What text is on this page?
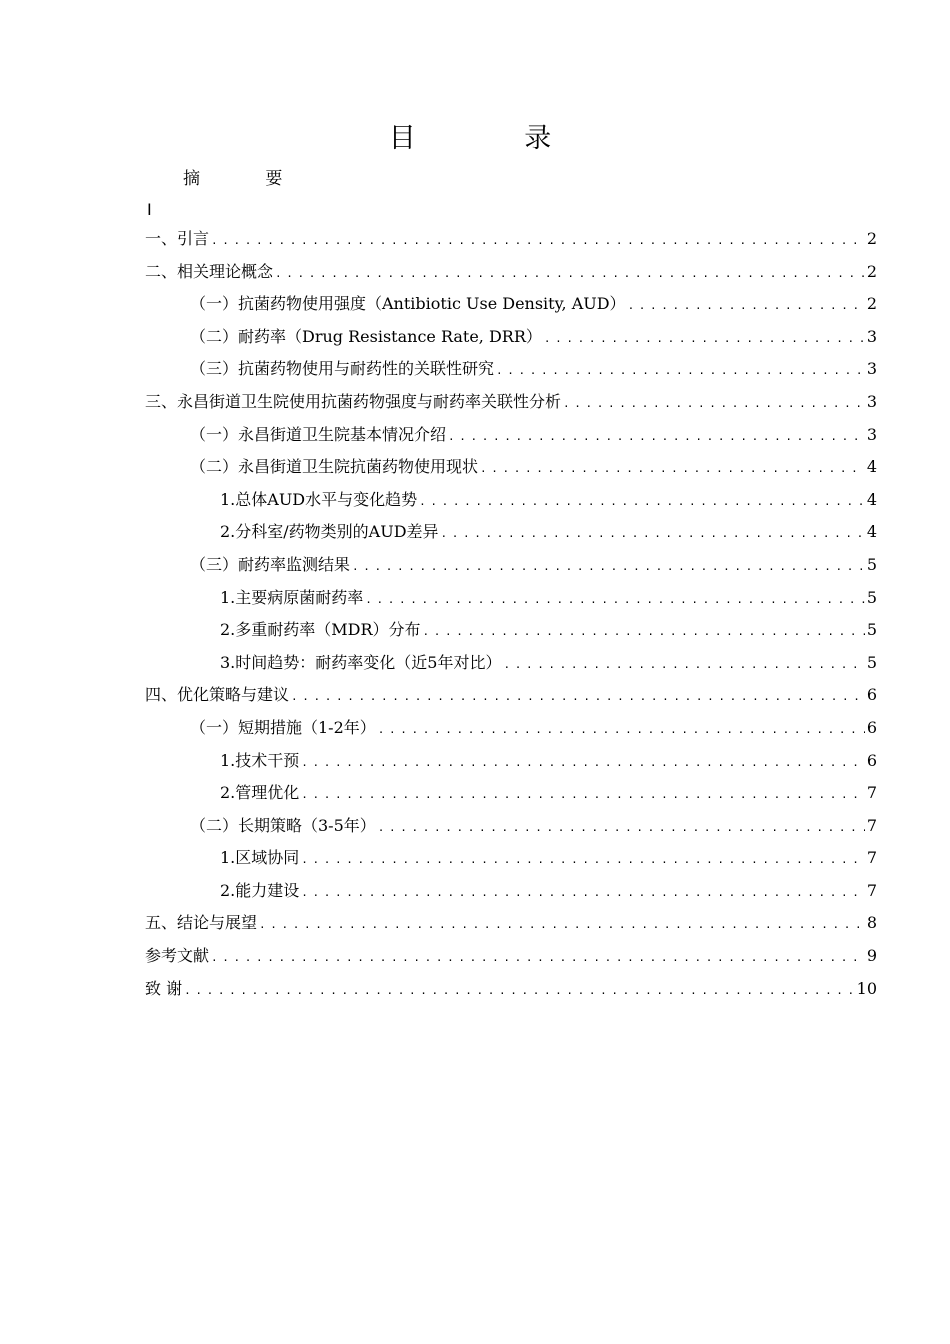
目 录
摘 要
I
一、引言 . . .	2
二、相关理论概念 . . .	2
（一）抗菌药物使用强度（Antibiotic Use Density, AUD） . . .	2
（二）耐药率（Drug Resistance Rate, DRR） . . .	3
（三）抗菌药物使用与耐药性的关联性研究 . . .	3
三、永昌街道卫生院使用抗菌药物强度与耐药率关联性分析 . . .	3
（一）永昌街道卫生院基本情况介绍 . . .	3
（二）永昌街道卫生院抗菌药物使用现状 . . .	4
1.总体AUD水平与变化趋势 . . .	4
2.分科室/药物类别的AUD差异 . . .	4
（三）耐药率监测结果 . . .	5
1.主要病原菌耐药率 . . .	5
2.多重耐药率（MDR）分布 . . .	5
3.时间趋势：耐药率变化（近5年对比） . . .	5
四、优化策略与建议 . . .	6
（一）短期措施（1-2年） . . .	6
1.技术干预 . . .	6
2.管理优化 . . .	7
（二）长期策略（3-5年） . . .	7
1.区域协同 . . .	7
2.能力建设 . . .	7
五、结论与展望 . . .	8
参考文献 . . .	9
致 谢 . . .	10
